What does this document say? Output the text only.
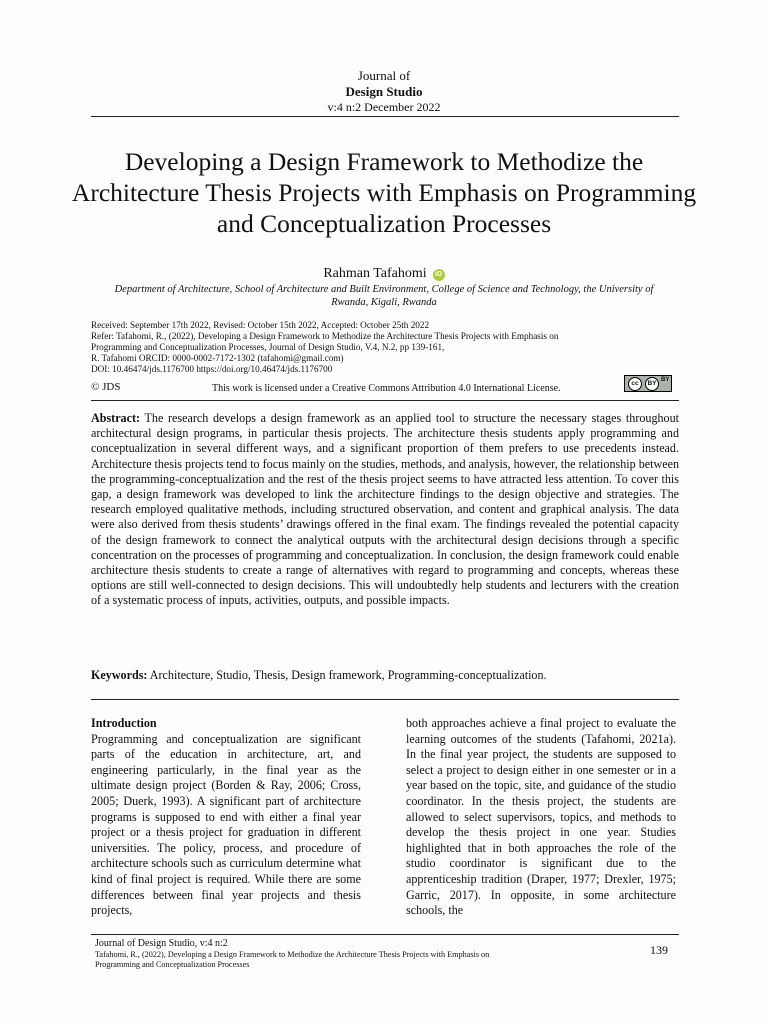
Journal of
Design Studio
v:4 n:2 December 2022
Developing a Design Framework to Methodize the Architecture Thesis Projects with Emphasis on Programming and Conceptualization Processes
Rahman Tafahomi iD
Department of Architecture, School of Architecture and Built Environment, College of Science and Technology, the University of Rwanda, Kigali, Rwanda
Received: September 17th 2022, Revised: October 15th 2022, Accepted: October 25th 2022
Refer: Tafahomi, R., (2022), Developing a Design Framework to Methodize the Architecture Thesis Projects with Emphasis on
Programming and Conceptualization Processes, Journal of Design Studio, V.4, N.2, pp 139-161,
R. Tafahomi ORCID: 0000-0002-7172-1302 (tafahomi@gmail.com)
DOI: 10.46474/jds.1176700 https://doi.org/10.46474/jds.1176700
© JDS	This work is licensed under a Creative Commons Attribution 4.0 International License.	cc	BY BY
Abstract: The research develops a design framework as an applied tool to structure the necessary stages throughout architectural design programs, in particular thesis projects. The architecture thesis students apply programming and conceptualization in several different ways, and a significant proportion of them prefers to use precedents instead. Architecture thesis projects tend to focus mainly on the studies, methods, and analysis, however, the relationship between the programming-conceptualization and the rest of the thesis project seems to have attracted less attention. To cover this gap, a design framework was developed to link the architecture findings to the design objective and strategies. The research employed qualitative methods, including structured observation, and content and graphical analysis. The data were also derived from thesis students’ drawings offered in the final exam. The findings revealed the potential capacity of the design framework to connect the analytical outputs with the architectural design decisions through a specific concentration on the processes of programming and conceptualization. In conclusion, the design framework could enable architecture thesis students to create a range of alternatives with regard to programming and concepts, whereas these options are still well-connected to design decisions. This will undoubtedly help students and lecturers with the creation of a systematic process of inputs, activities, outputs, and possible impacts.
Keywords: Architecture, Studio, Thesis, Design framework, Programming-conceptualization.
Introduction

Programming and conceptualization are significant parts of the education in architecture, art, and engineering particularly, in the final year as the ultimate design project (Borden & Ray, 2006; Cross, 2005; Duerk, 1993). A significant part of architecture programs is supposed to end with either a final year project or a thesis project for graduation in different universities. The policy, process, and procedure of architecture schools such as curriculum determine what kind of final project is required. While there are some differences between final year projects and thesis projects,

both approaches achieve a final project to evaluate the learning outcomes of the students (Tafahomi, 2021a). In the final year project, the students are supposed to select a project to design either in one semester or in a year based on the topic, site, and guidance of the studio coordinator. In the thesis project, the students are allowed to select supervisors, topics, and methods to develop the thesis project in one year. Studies highlighted that in both approaches the role of the studio coordinator is significant due to the apprenticeship tradition (Draper, 1977; Drexler, 1975; Garric, 2017). In opposite, in some architecture schools, the

Journal of Design Studio, v:4 n:2
Tafahomi, R., (2022), Developing a Design Framework to Methodize the Architecture Thesis Projects with Emphasis on
Programming and Conceptualization Processes
139
